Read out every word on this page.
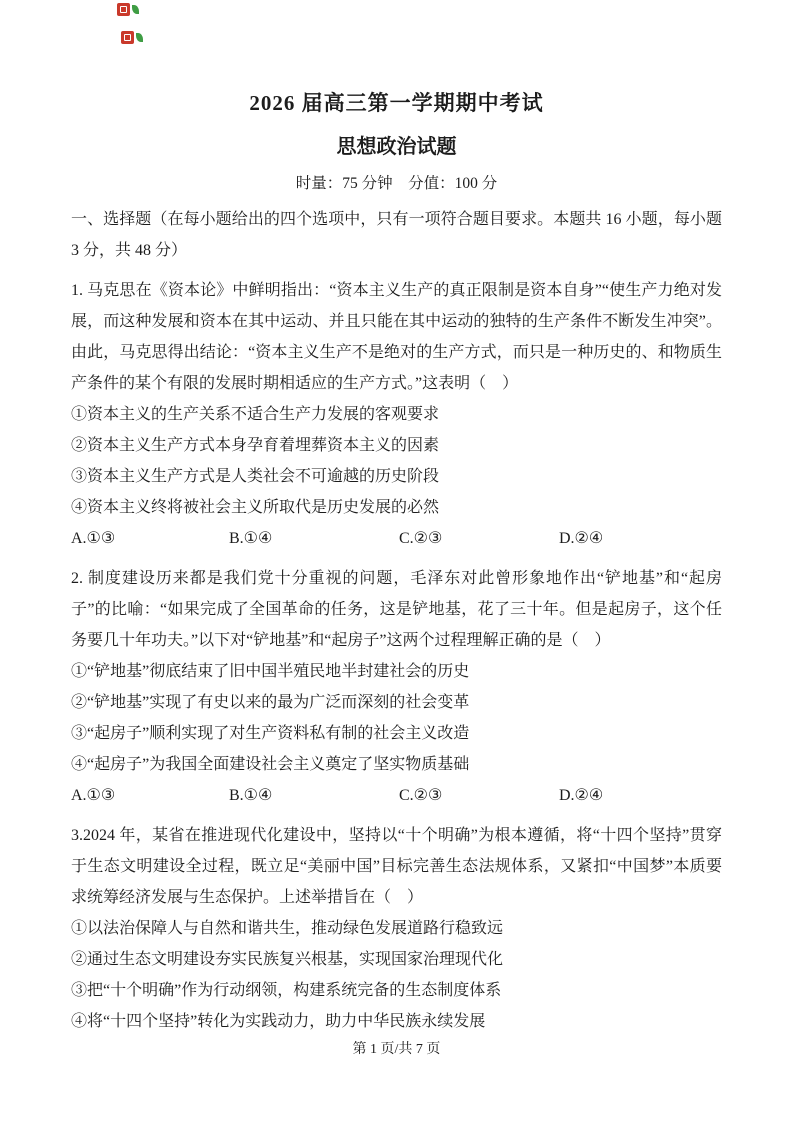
2026 届高三第一学期期中考试
思想政治试题
时量：75 分钟　分值：100 分

一、选择题（在每小题给出的四个选项中，只有一项符合题目要求。本题共 16 小题，每小题 3 分，共 48 分）

1. 马克思在《资本论》中鲜明指出：“资本主义生产的真正限制是资本自身”“使生产力绝对发展，而这种发展和资本在其中运动、并且只能在其中运动的独特的生产条件不断发生冲突”。由此，马克思得出结论：“资本主义生产不是绝对的生产方式，而只是一种历史的、和物质生产条件的某个有限的发展时期相适应的生产方式。”这表明（　）

①资本主义的生产关系不适合生产力发展的客观要求

②资本主义生产方式本身孕育着埋葬资本主义的因素

③资本主义生产方式是人类社会不可逾越的历史阶段

④资本主义终将被社会主义所取代是历史发展的必然

A.①③	B.①④	C.②③	D.②④

2. 制度建设历来都是我们党十分重视的问题，毛泽东对此曾形象地作出“铲地基”和“起房子”的比喻：“如果完成了全国革命的任务，这是铲地基，花了三十年。但是起房子，这个任务要几十年功夫。”以下对“铲地基”和“起房子”这两个过程理解正确的是（　）

①“铲地基”彻底结束了旧中国半殖民地半封建社会的历史

②“铲地基”实现了有史以来的最为广泛而深刻的社会变革

③“起房子”顺利实现了对生产资料私有制的社会主义改造

④“起房子”为我国全面建设社会主义奠定了坚实物质基础

A.①③	B.①④	C.②③	D.②④

3.2024 年，某省在推进现代化建设中，坚持以“十个明确”为根本遵循，将“十四个坚持”贯穿于生态文明建设全过程，既立足“美丽中国”目标完善生态法规体系，又紧扣“中国梦”本质要求统筹经济发展与生态保护。上述举措旨在（　）

①以法治保障人与自然和谐共生，推动绿色发展道路行稳致远

②通过生态文明建设夯实民族复兴根基，实现国家治理现代化

③把“十个明确”作为行动纲领，构建系统完备的生态制度体系

④将“十四个坚持”转化为实践动力，助力中华民族永续发展

第 1 页/共 7 页
